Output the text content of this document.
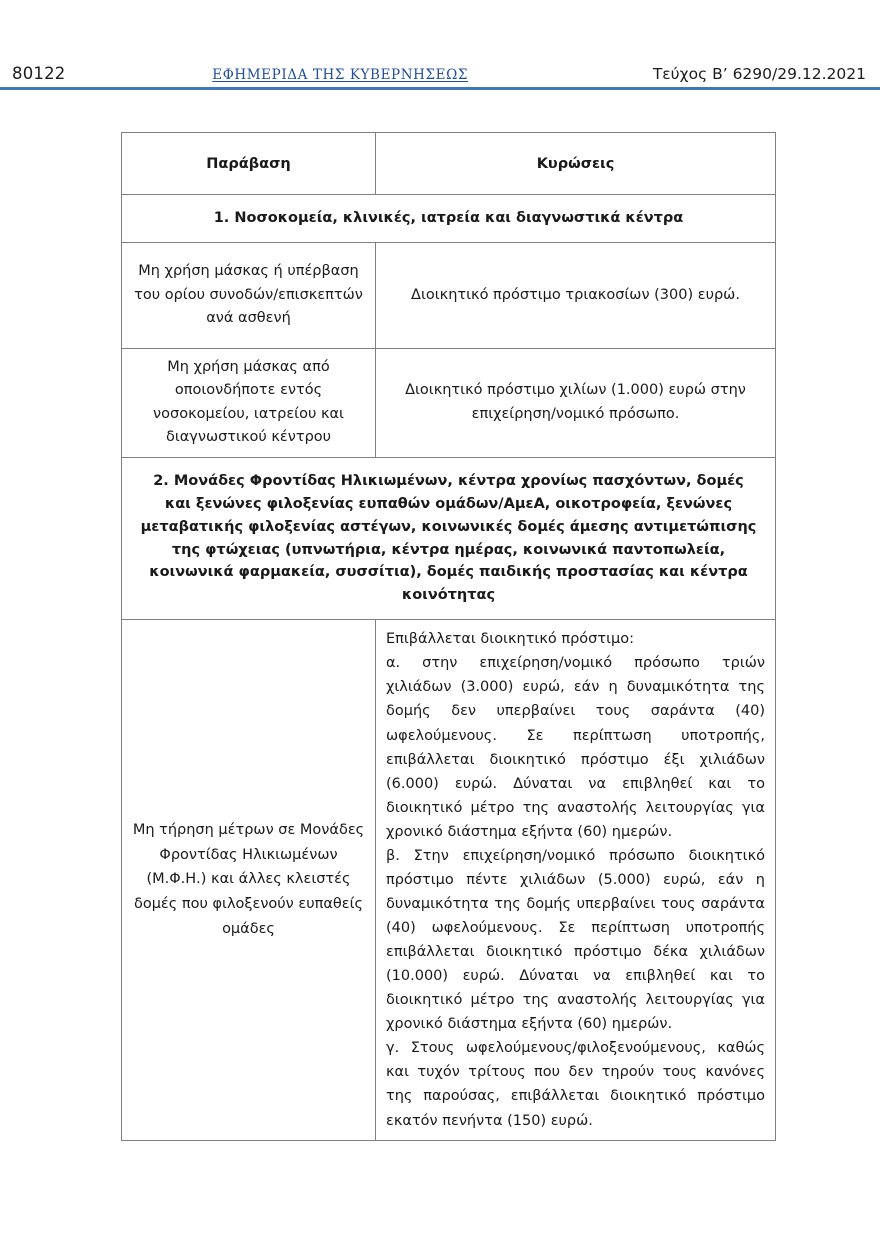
80122	ΕΦΗΜΕΡΙΔΑ ΤΗΣ ΚΥΒΕΡΝΗΣΕΩΣ	Τεύχος Β’ 6290/29.12.2021
Παράβαση	Κυρώσεις
1. Νοσοκομεία, κλινικές, ιατρεία και διαγνωστικά κέντρα	
Μη χρήση μάσκας ή υπέρβαση του ορίου συνοδών/επισκεπτών ανά ασθενή	Διοικητικό πρόστιμο τριακοσίων (300) ευρώ.
Μη χρήση μάσκας από οποιονδήποτε εντός νοσοκομείου, ιατρείου και διαγνωστικού κέντρου	Διοικητικό πρόστιμο χιλίων (1.000) ευρώ στην επιχείρηση/νομικό πρόσωπο.
2. Μονάδες Φροντίδας Ηλικιωμένων, κέντρα χρονίως πασχόντων, δομές και ξενώνες φιλοξενίας ευπαθών ομάδων/ΑμεΑ, οικοτροφεία, ξενώνες μεταβατικής φιλοξενίας αστέγων, κοινωνικές δομές άμεσης αντιμετώπισης της φτώχειας (υπνωτήρια, κέντρα ημέρας, κοινωνικά παντοπωλεία, κοινωνικά φαρμακεία, συσσίτια), δομές παιδικής προστασίας και κέντρα κοινότητας	
Μη τήρηση μέτρων σε Μονάδες Φροντίδας Ηλικιωμένων (Μ.Φ.Η.) και άλλες κλειστές δομές που φιλοξενούν ευπαθείς ομάδες	Επιβάλλεται διοικητικό πρόστιμο:

α. στην επιχείρηση/νομικό πρόσωπο τριών χιλιάδων (3.000) ευρώ, εάν η δυναμικότητα της δομής δεν υπερβαίνει τους σαράντα (40) ωφελούμενους. Σε περίπτωση υποτροπής, επιβάλλεται διοικητικό πρόστιμο έξι χιλιάδων (6.000) ευρώ. Δύναται να επιβληθεί και το διοικητικό μέτρο της αναστολής λειτουργίας για χρονικό διάστημα εξήντα (60) ημερών.

β. Στην επιχείρηση/νομικό πρόσωπο διοικητικό πρόστιμο πέντε χιλιάδων (5.000) ευρώ, εάν η δυναμικότητα της δομής υπερβαίνει τους σαράντα (40) ωφελούμενους. Σε περίπτωση υποτροπής επιβάλλεται διοικητικό πρόστιμο δέκα χιλιάδων (10.000) ευρώ. Δύναται να επιβληθεί και το διοικητικό μέτρο της αναστολής λειτουργίας για χρονικό διάστημα εξήντα (60) ημερών.

γ. Στους ωφελούμενους/φιλοξενούμενους, καθώς και τυχόν τρίτους που δεν τηρούν τους κανόνες της παρούσας, επιβάλλεται διοικητικό πρόστιμο εκατόν πενήντα (150) ευρώ.
